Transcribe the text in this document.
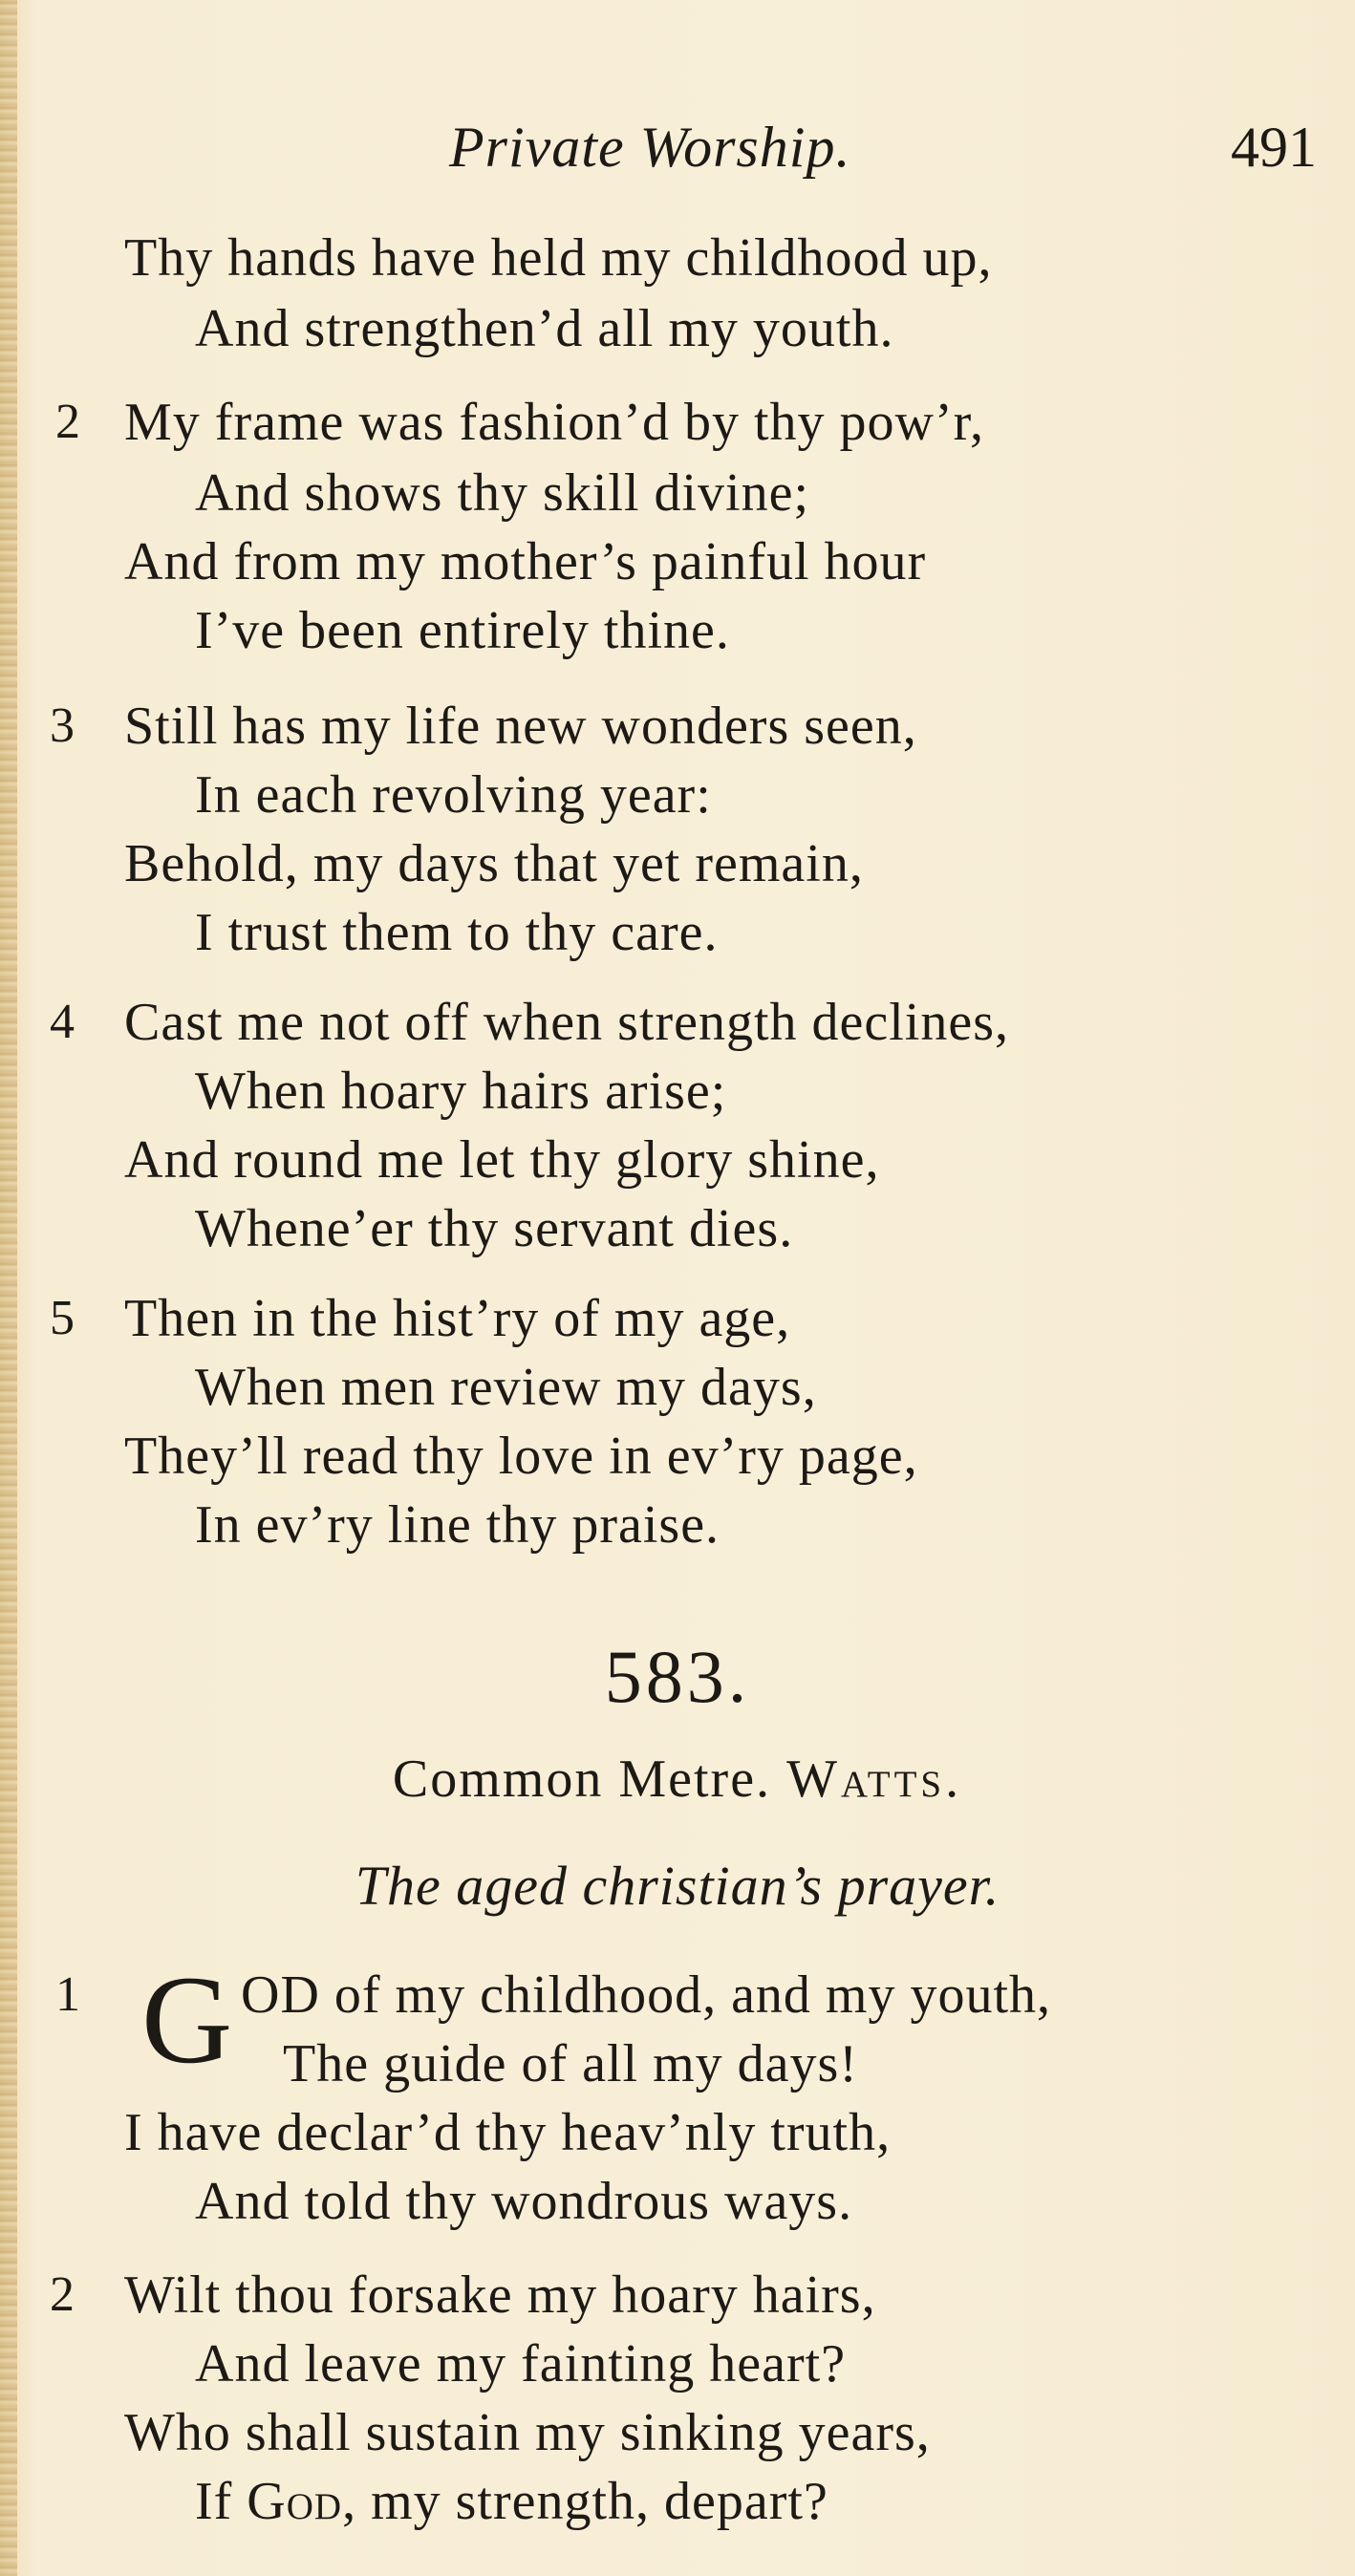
Private Worship.	491
Thy hands have held my childhood up,
And strengthen’d all my youth.
2 My frame was fashion’d by thy pow’r,
And shows thy skill divine;
And from my mother’s painful hour
I’ve been entirely thine.
3 Still has my life new wonders seen,
In each revolving year:
Behold, my days that yet remain,
I trust them to thy care.
4 Cast me not off when strength declines,
When hoary hairs arise;
And round me let thy glory shine,
Whene’er thy servant dies.
5 Then in the hist’ry of my age,
When men review my days,
They’ll read thy love in ev’ry page,
In ev’ry line thy praise.
583.
Common Metre. Watts.
The aged christian’s prayer.
1 G OD of my childhood, and my youth,
The guide of all my days!
I have declar’d thy heav’nly truth,
And told thy wondrous ways.
2 Wilt thou forsake my hoary hairs,
And leave my fainting heart?
Who shall sustain my sinking years,
If God, my strength, depart?
